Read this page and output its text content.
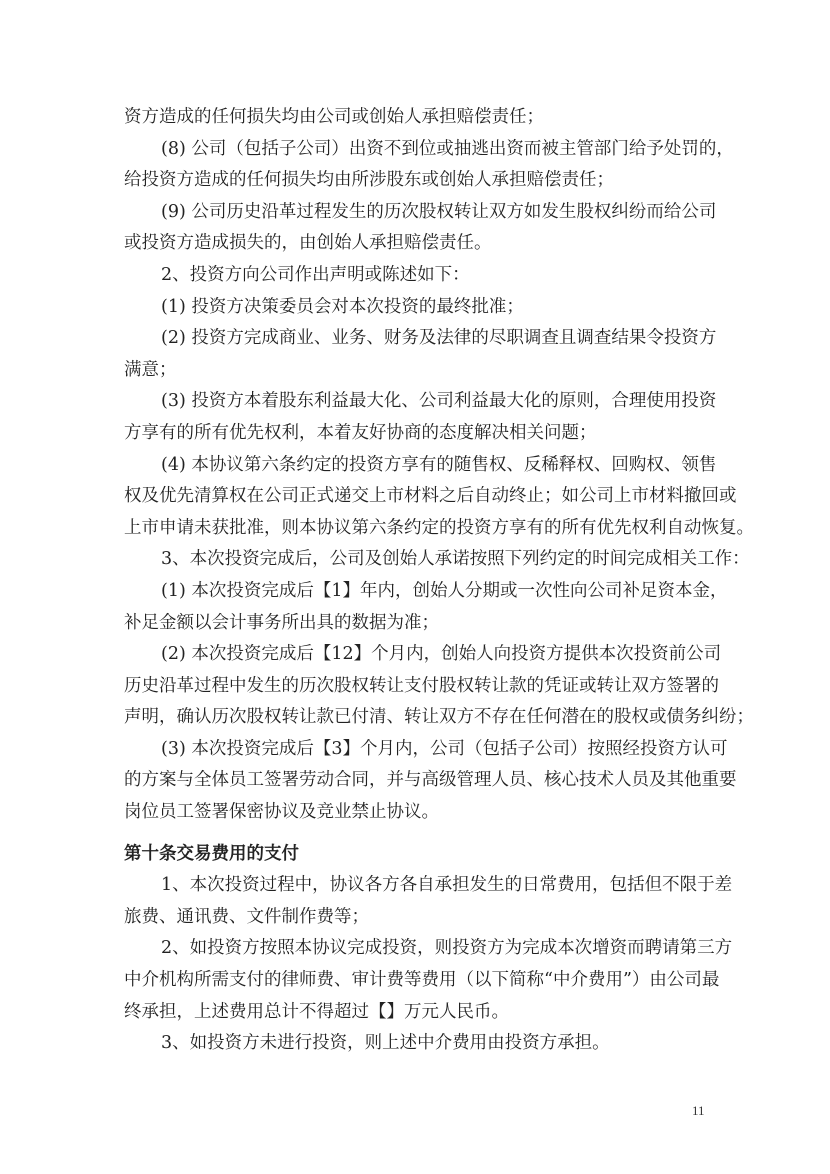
资方造成的任何损失均由公司或创始人承担赔偿责任；
(8) 公司（包括子公司）出资不到位或抽逃出资而被主管部门给予处罚的，
给投资方造成的任何损失均由所涉股东或创始人承担赔偿责任；
(9) 公司历史沿革过程发生的历次股权转让双方如发生股权纠纷而给公司
或投资方造成损失的，由创始人承担赔偿责任。
2、投资方向公司作出声明或陈述如下：
(1) 投资方决策委员会对本次投资的最终批准；
(2) 投资方完成商业、业务、财务及法律的尽职调查且调查结果令投资方
满意；
(3) 投资方本着股东利益最大化、公司利益最大化的原则，合理使用投资
方享有的所有优先权利，本着友好协商的态度解决相关问题；
(4) 本协议第六条约定的投资方享有的随售权、反稀释权、回购权、领售
权及优先清算权在公司正式递交上市材料之后自动终止；如公司上市材料撤回或
上市申请未获批准，则本协议第六条约定的投资方享有的所有优先权利自动恢复。
3、本次投资完成后，公司及创始人承诺按照下列约定的时间完成相关工作：
(1) 本次投资完成后【1】年内，创始人分期或一次性向公司补足资本金，
补足金额以会计事务所出具的数据为准；
(2) 本次投资完成后【12】个月内，创始人向投资方提供本次投资前公司
历史沿革过程中发生的历次股权转让支付股权转让款的凭证或转让双方签署的
声明，确认历次股权转让款已付清、转让双方不存在任何潜在的股权或债务纠纷；
(3) 本次投资完成后【3】个月内，公司（包括子公司）按照经投资方认可
的方案与全体员工签署劳动合同，并与高级管理人员、核心技术人员及其他重要
岗位员工签署保密协议及竞业禁止协议。
第十条交易费用的支付
1、本次投资过程中，协议各方各自承担发生的日常费用，包括但不限于差
旅费、通讯费、文件制作费等；
2、如投资方按照本协议完成投资，则投资方为完成本次增资而聘请第三方
中介机构所需支付的律师费、审计费等费用（以下简称“中介费用”）由公司最
终承担，上述费用总计不得超过【】万元人民币。
3、如投资方未进行投资，则上述中介费用由投资方承担。
11
